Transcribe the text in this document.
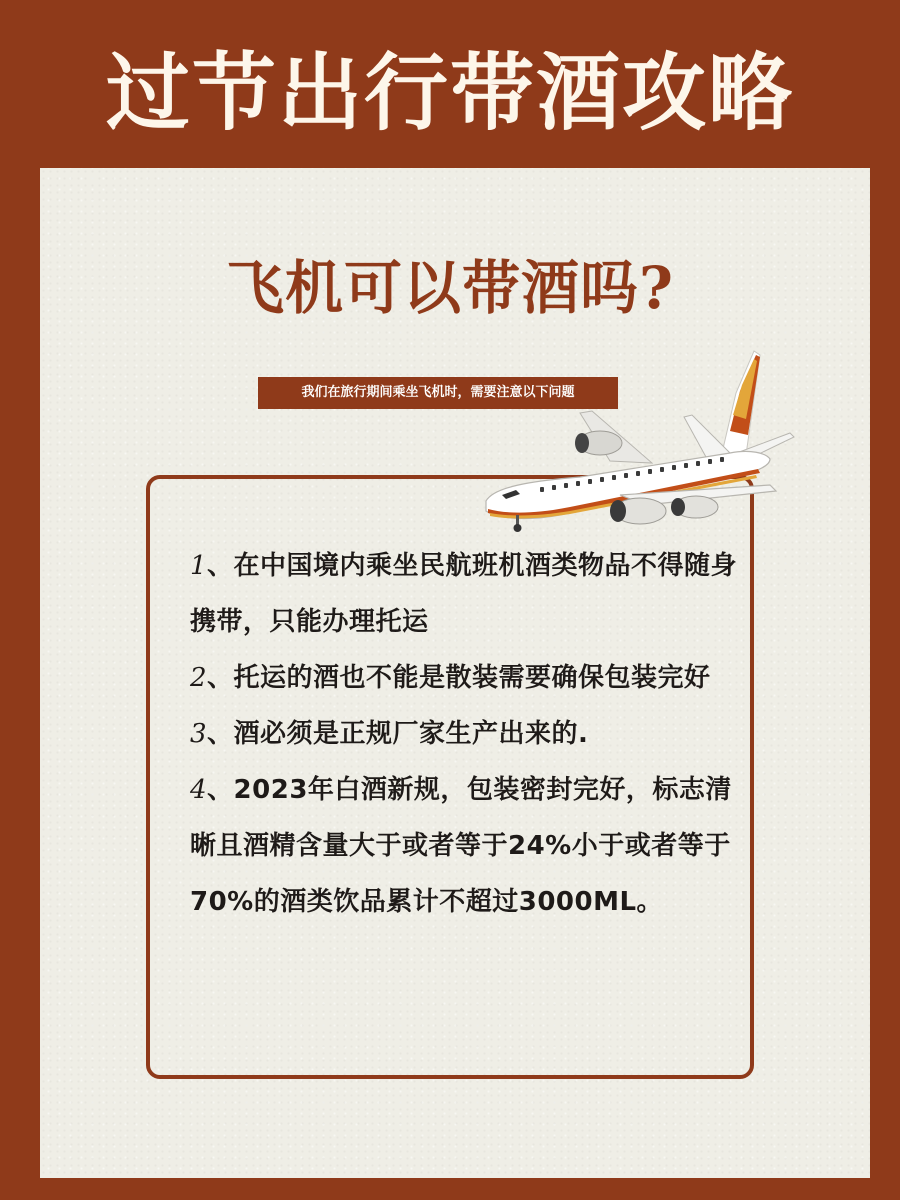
过节出行带酒攻略
飞机可以带酒吗?
我们在旅行期间乘坐飞机时，需要注意以下问题
1、在中国境内乘坐民航班机酒类物品不得随身携带，只能办理托运
2、托运的酒也不能是散装需要确保包装完好
3、酒必须是正规厂家生产出来的.
4、2023年白酒新规，包装密封完好，标志清晰且酒精含量大于或者等于24%小于或者等于70%的酒类饮品累计不超过3000ML。
